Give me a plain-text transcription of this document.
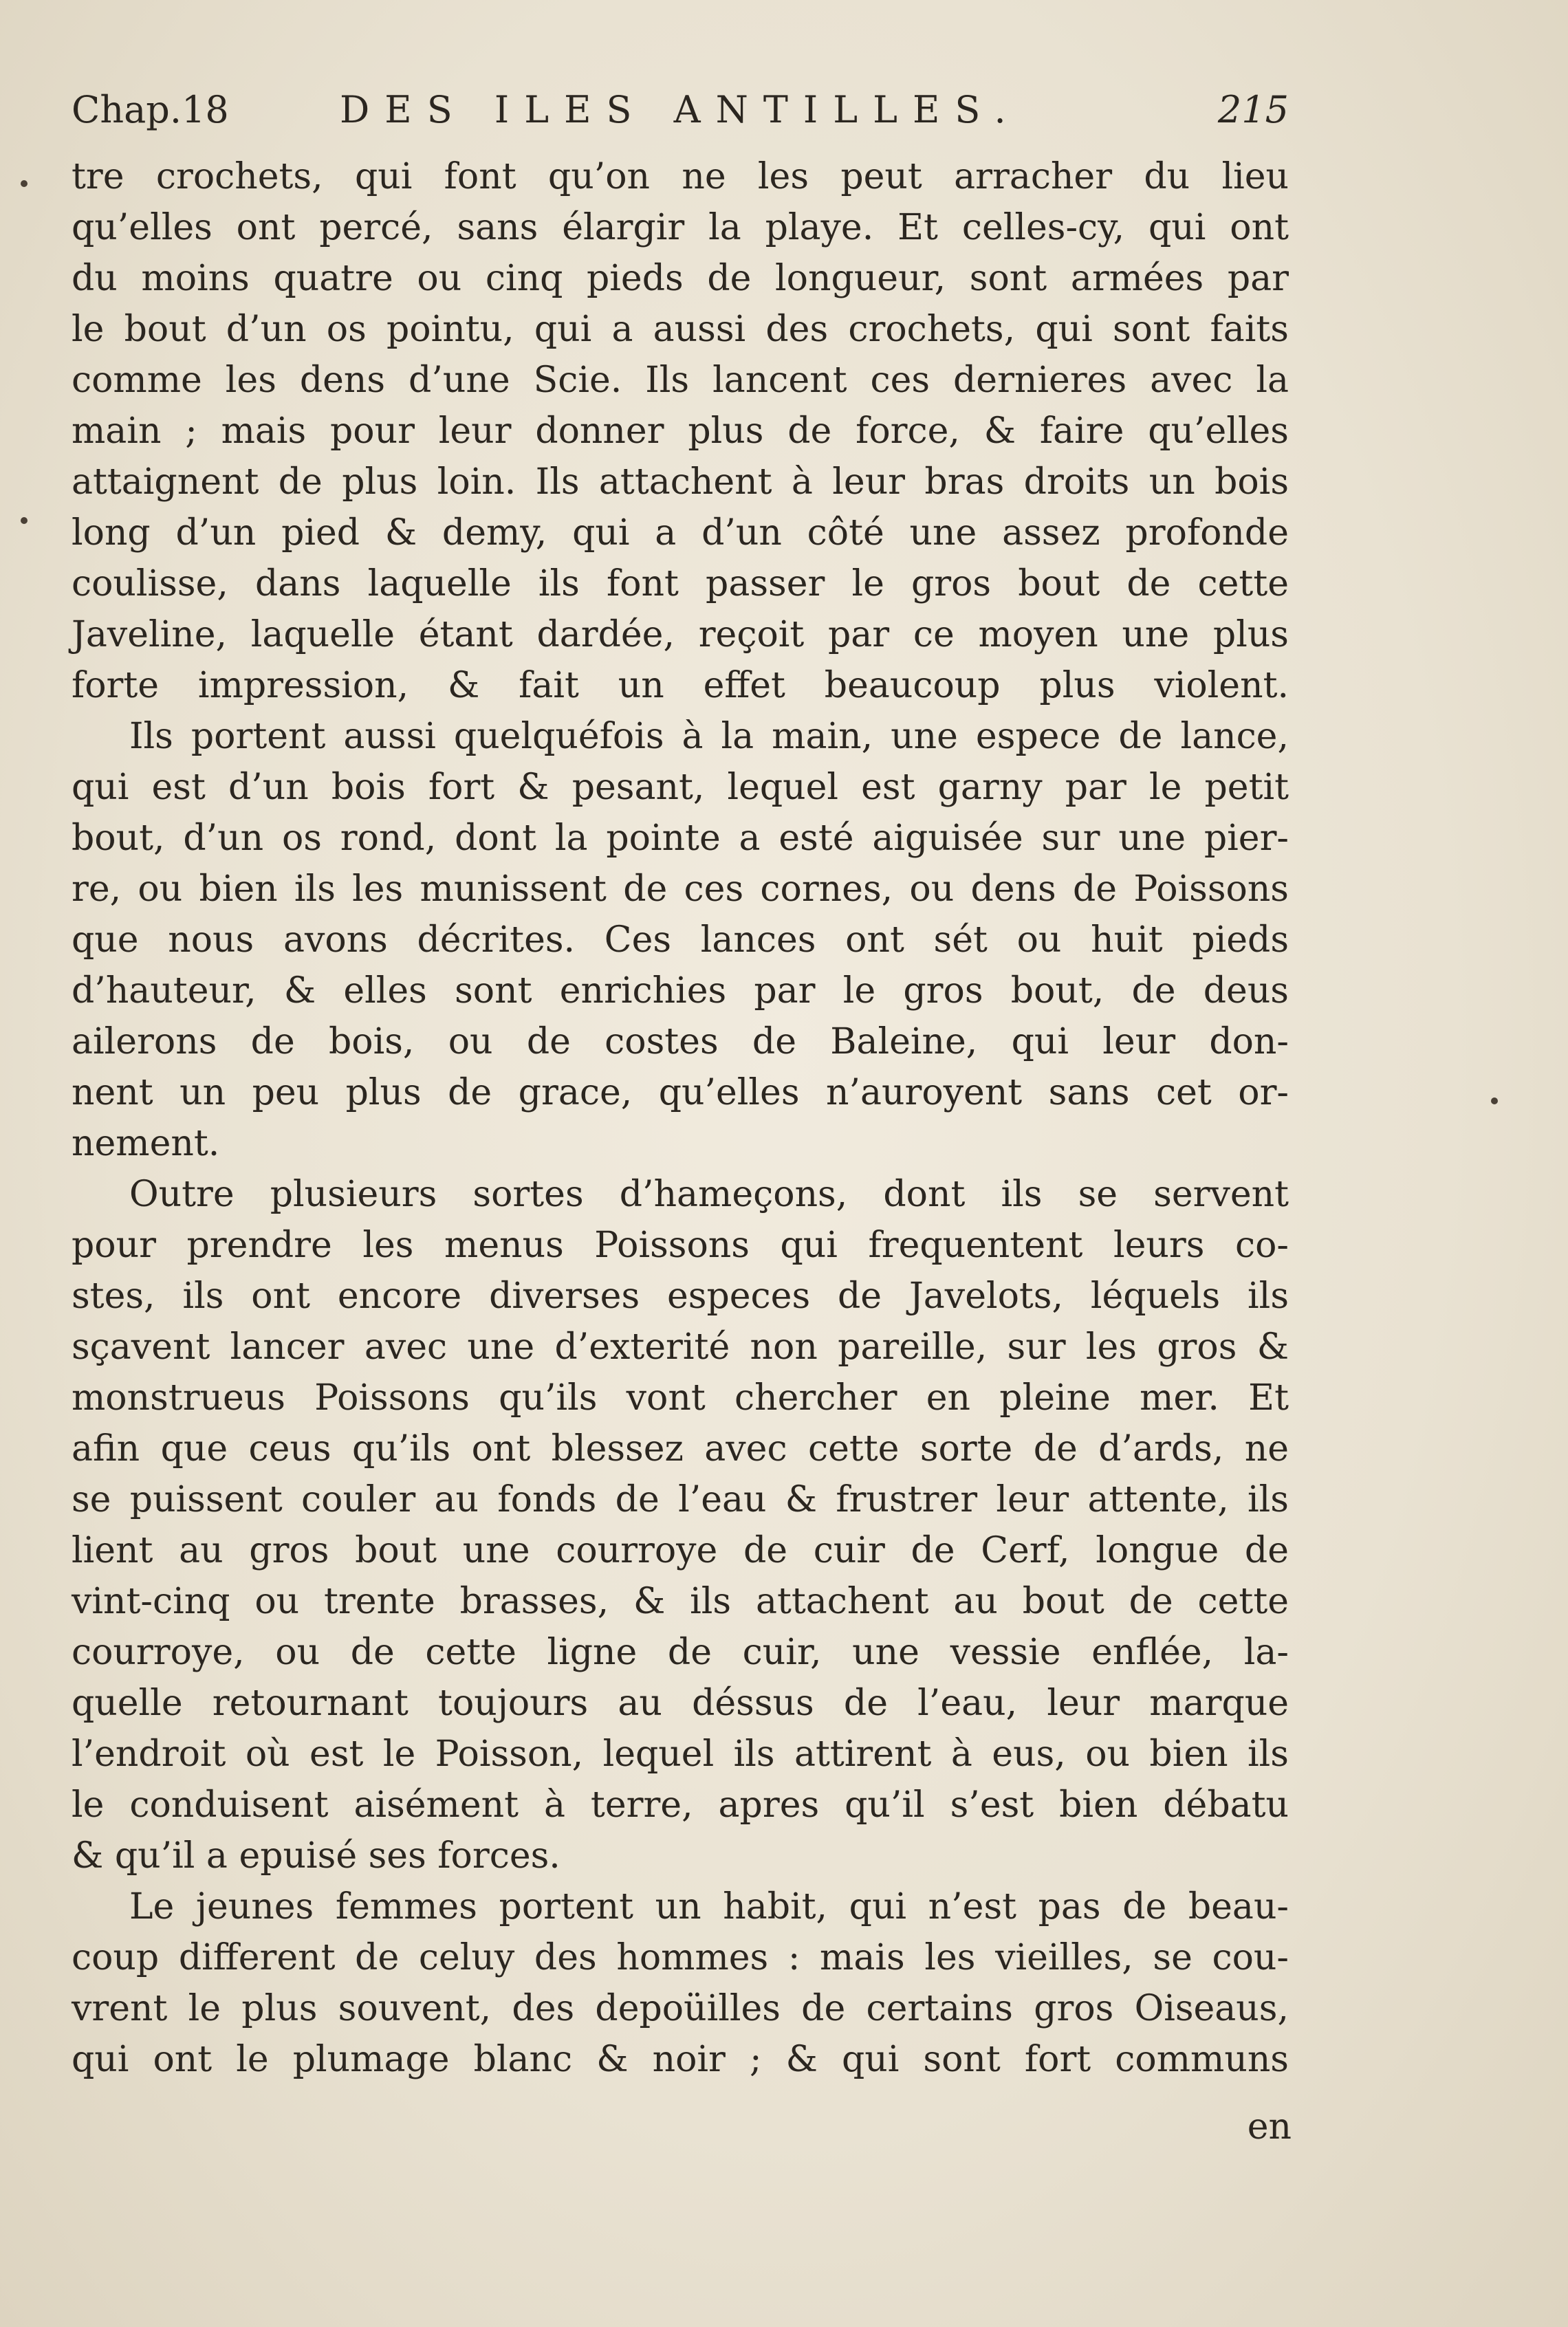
Chap.18	DES ILES ANTILLES.	215
tre crochets, qui font qu’on ne les peut arracher du lieu
qu’elles ont percé, sans élargir la playe. Et celles-cy, qui ont
du moins quatre ou cinq pieds de longueur, sont armées par
le bout d’un os pointu, qui a aussi des crochets, qui sont faits
comme les dens d’une Scie. Ils lancent ces dernieres avec la
main ; mais pour leur donner plus de force, & faire qu’elles
attaignent de plus loin. Ils attachent à leur bras droits un bois
long d’un pied & demy, qui a d’un côté une assez profonde
coulisse, dans laquelle ils font passer le gros bout de cette
Javeline, laquelle étant dardée, reçoit par ce moyen une plus
forte impression, & fait un effet beaucoup plus violent.
Ils portent aussi quelquéfois à la main, une espece de lance,
qui est d’un bois fort & pesant, lequel est garny par le petit
bout, d’un os rond, dont la pointe a esté aiguisée sur une pier-
re, ou bien ils les munissent de ces cornes, ou dens de Poissons
que nous avons décrites. Ces lances ont sét ou huit pieds
d’hauteur, & elles sont enrichies par le gros bout, de deus
ailerons de bois, ou de costes de Baleine, qui leur don-
nent un peu plus de grace, qu’elles n’auroyent sans cet or-
nement.
Outre plusieurs sortes d’hameçons, dont ils se servent
pour prendre les menus Poissons qui frequentent leurs co-
stes, ils ont encore diverses especes de Javelots, léquels ils
sçavent lancer avec une d’exterité non pareille, sur les gros &
monstrueus Poissons qu’ils vont chercher en pleine mer. Et
afin que ceus qu’ils ont blessez avec cette sorte de d’ards, ne
se puissent couler au fonds de l’eau & frustrer leur attente, ils
lient au gros bout une courroye de cuir de Cerf, longue de
vint-cinq ou trente brasses, & ils attachent au bout de cette
courroye, ou de cette ligne de cuir, une vessie enflée, la-
quelle retournant toujours au déssus de l’eau, leur marque
l’endroit où est le Poisson, lequel ils attirent à eus, ou bien ils
le conduisent aisément à terre, apres qu’il s’est bien débatu
& qu’il a epuisé ses forces.
Le jeunes femmes portent un habit, qui n’est pas de beau-
coup different de celuy des hommes : mais les vieilles, se cou-
vrent le plus souvent, des depoüilles de certains gros Oiseaus,
qui ont le plumage blanc & noir ; & qui sont fort communs
en
